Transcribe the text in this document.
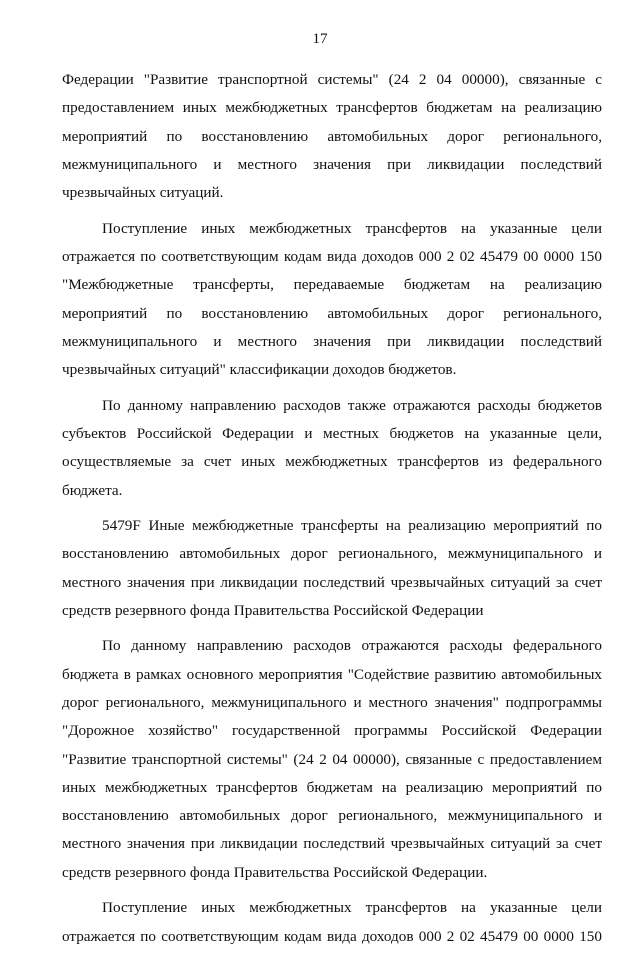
17
Федерации "Развитие транспортной системы" (24 2 04 00000), связанные с
предоставлением иных межбюджетных трансфертов бюджетам на реализацию
мероприятий по восстановлению автомобильных дорог регионального,
межмуниципального и местного значения при ликвидации последствий
чрезвычайных ситуаций.
Поступление иных межбюджетных трансфертов на указанные цели
отражается по соответствующим кодам вида доходов 000 2 02 45479 00 0000 150
"Межбюджетные трансферты, передаваемые бюджетам на реализацию
мероприятий по восстановлению автомобильных дорог регионального,
межмуниципального и местного значения при ликвидации последствий
чрезвычайных ситуаций" классификации доходов бюджетов.
По данному направлению расходов также отражаются расходы бюджетов
субъектов Российской Федерации и местных бюджетов на указанные цели,
осуществляемые за счет иных межбюджетных трансфертов из федерального
бюджета.
5479F Иные межбюджетные трансферты на реализацию мероприятий по
восстановлению автомобильных дорог регионального, межмуниципального и
местного значения при ликвидации последствий чрезвычайных ситуаций за счет
средств резервного фонда Правительства Российской Федерации
По данному направлению расходов отражаются расходы федерального
бюджета в рамках основного мероприятия "Содействие развитию автомобильных
дорог регионального, межмуниципального и местного значения" подпрограммы
"Дорожное хозяйство" государственной программы Российской Федерации
"Развитие транспортной системы" (24 2 04 00000), связанные с предоставлением
иных межбюджетных трансфертов бюджетам на реализацию мероприятий по
восстановлению автомобильных дорог регионального, межмуниципального и
местного значения при ликвидации последствий чрезвычайных ситуаций за счет
средств резервного фонда Правительства Российской Федерации.
Поступление иных межбюджетных трансфертов на указанные цели
отражается по соответствующим кодам вида доходов 000 2 02 45479 00 0000 150
